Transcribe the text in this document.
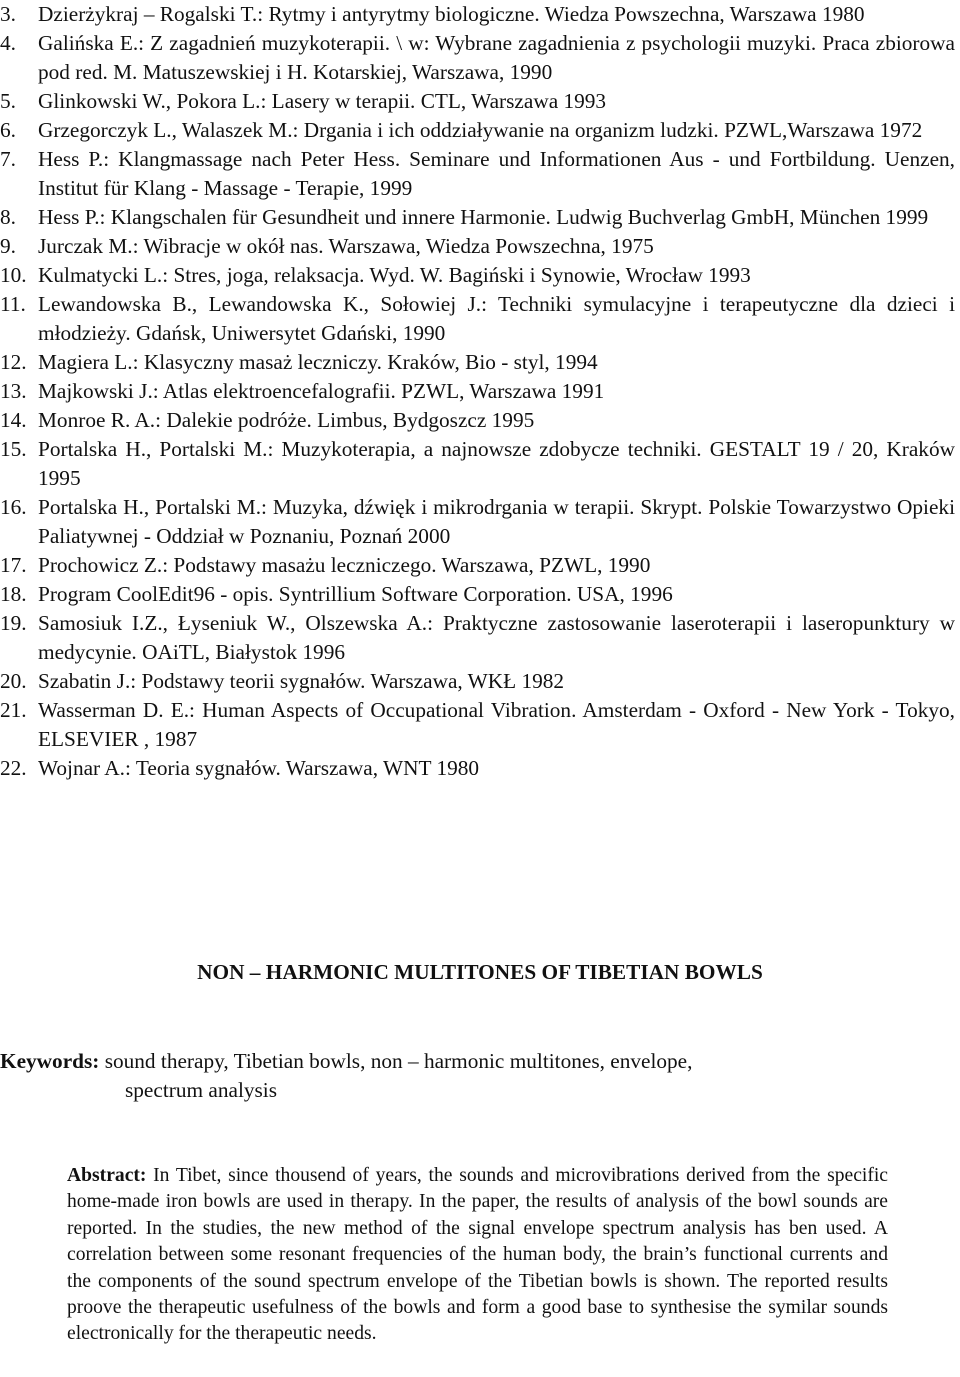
3. Dzierżykraj – Rogalski T.: Rytmy i antyrytmy biologiczne. Wiedza Powszechna, Warszawa 1980
4. Galińska E.: Z zagadnień muzykoterapii. \ w: Wybrane zagadnienia z psychologii muzyki. Praca zbiorowa pod red. M. Matuszewskiej i H. Kotarskiej, Warszawa, 1990
5. Glinkowski W., Pokora L.: Lasery w terapii. CTL, Warszawa 1993
6. Grzegorczyk L., Walaszek M.: Drgania i ich oddziaływanie na organizm ludzki. PZWL,Warszawa 1972
7. Hess P.: Klangmassage nach Peter Hess. Seminare und Informationen Aus - und Fortbildung. Uenzen, Institut für Klang - Massage - Terapie, 1999
8. Hess P.: Klangschalen für Gesundheit und innere Harmonie. Ludwig Buchverlag GmbH, München 1999
9. Jurczak M.: Wibracje w okół nas. Warszawa, Wiedza Powszechna, 1975
10. Kulmatycki L.: Stres, joga, relaksacja. Wyd. W. Bagiński i Synowie, Wrocław 1993
11. Lewandowska B., Lewandowska K., Sołowiej J.: Techniki symulacyjne i terapeutyczne dla dzieci i młodzieży. Gdańsk, Uniwersytet Gdański, 1990
12. Magiera L.: Klasyczny masaż leczniczy. Kraków, Bio - styl, 1994
13. Majkowski J.: Atlas elektroencefalografii. PZWL, Warszawa 1991
14. Monroe R. A.: Dalekie podróże. Limbus, Bydgoszcz 1995
15. Portalska H., Portalski M.: Muzykoterapia, a najnowsze zdobycze techniki. GESTALT 19 / 20, Kraków 1995
16. Portalska H., Portalski M.: Muzyka, dźwięk i mikrodrgania w terapii. Skrypt. Polskie Towarzystwo Opieki Paliatywnej - Oddział w Poznaniu, Poznań 2000
17. Prochowicz Z.: Podstawy masażu leczniczego. Warszawa, PZWL, 1990
18. Program CoolEdit96 - opis. Syntrillium Software Corporation. USA, 1996
19. Samosiuk I.Z., Łyseniuk W., Olszewska A.: Praktyczne zastosowanie laseroterapii i laseropunktury w medycynie. OAiTL, Białystok 1996
20. Szabatin J.: Podstawy teorii sygnałów. Warszawa, WKŁ 1982
21. Wasserman D. E.: Human Aspects of Occupational Vibration. Amsterdam - Oxford - New York - Tokyo, ELSEVIER , 1987
22. Wojnar A.: Teoria sygnałów. Warszawa, WNT 1980
NON – HARMONIC MULTITONES OF TIBETIAN BOWLS
Keywords: sound therapy, Tibetian bowls, non – harmonic multitones, envelope,
spectrum analysis
Abstract: In Tibet, since thousend of years, the sounds and microvibrations derived from the specific home-made iron bowls are used in therapy. In the paper, the results of analysis of the bowl sounds are reported. In the studies, the new method of the signal envelope spectrum analysis has ben used. A correlation between some resonant frequencies of the human body, the brain’s functional currents and the components of the sound spectrum envelope of the Tibetian bowls is shown. The reported results proove the therapeutic usefulness of the bowls and form a good base to synthesise the symilar sounds electronically for the therapeutic needs.
